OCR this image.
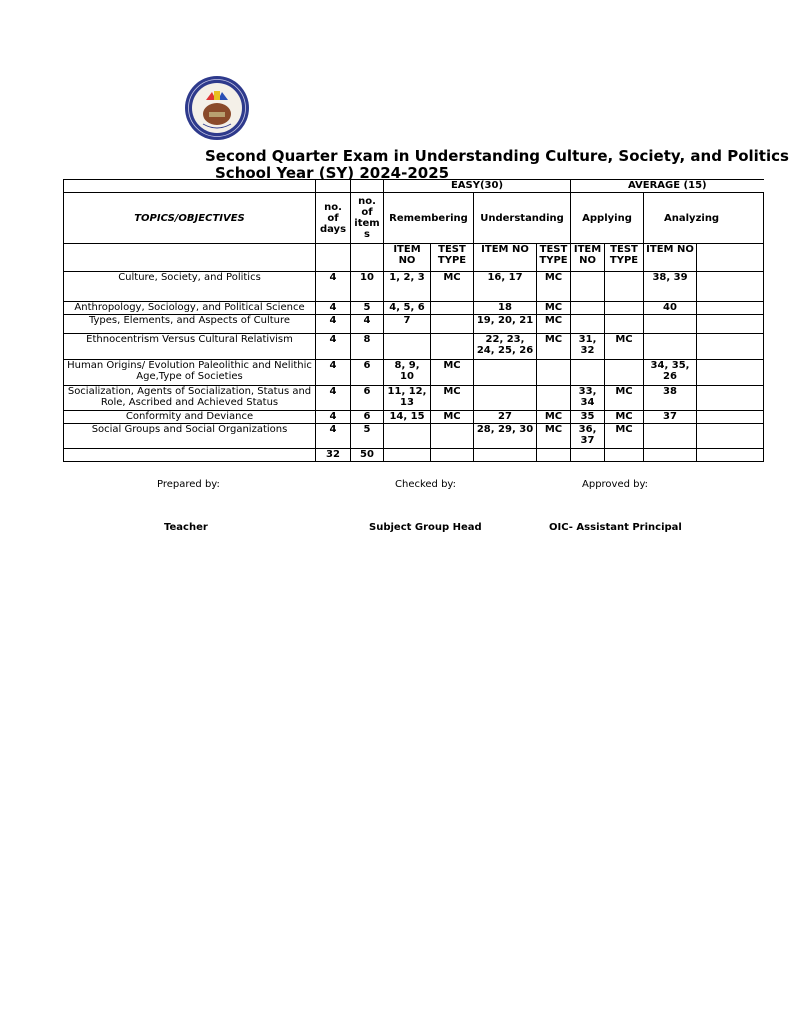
Second Quarter Exam in Understanding Culture, Society, and Politics
School Year (SY) 2024-2025
			EASY(30)				AVERAGE (15)			
TOPICS/OBJECTIVES	no. of days	no. of item s	Remembering		Understanding		Applying		Analyzing	
			ITEM NO	TEST TYPE	ITEM NO	TEST TYPE	ITEM NO	TEST TYPE	ITEM NO	
Culture, Society, and Politics	4	10	1, 2, 3	MC	16, 17	MC			38, 39	
Anthropology, Sociology, and Political Science	4	5	4, 5, 6		18	MC			40	
Types, Elements, and Aspects of Culture	4	4	7		19, 20, 21	MC				
Ethnocentrism Versus Cultural Relativism	4	8			22, 23, 24, 25, 26	MC	31, 32	MC		
Human Origins/ Evolution Paleolithic and Nelithic Age,Type of Societies	4	6	8, 9, 10	MC					34, 35, 26	
Socialization, Agents of Socialization, Status and Role, Ascribed and Achieved Status	4	6	11, 12, 13	MC			33, 34	MC	38	
Conformity and Deviance	4	6	14, 15	MC	27	MC	35	MC	37	
Social Groups and Social Organizations	4	5			28, 29, 30	MC	36, 37	MC		
	32	50								
Prepared by:	Checked by:	Approved by:
Teacher	Subject Group Head	OIC- Assistant Principal
